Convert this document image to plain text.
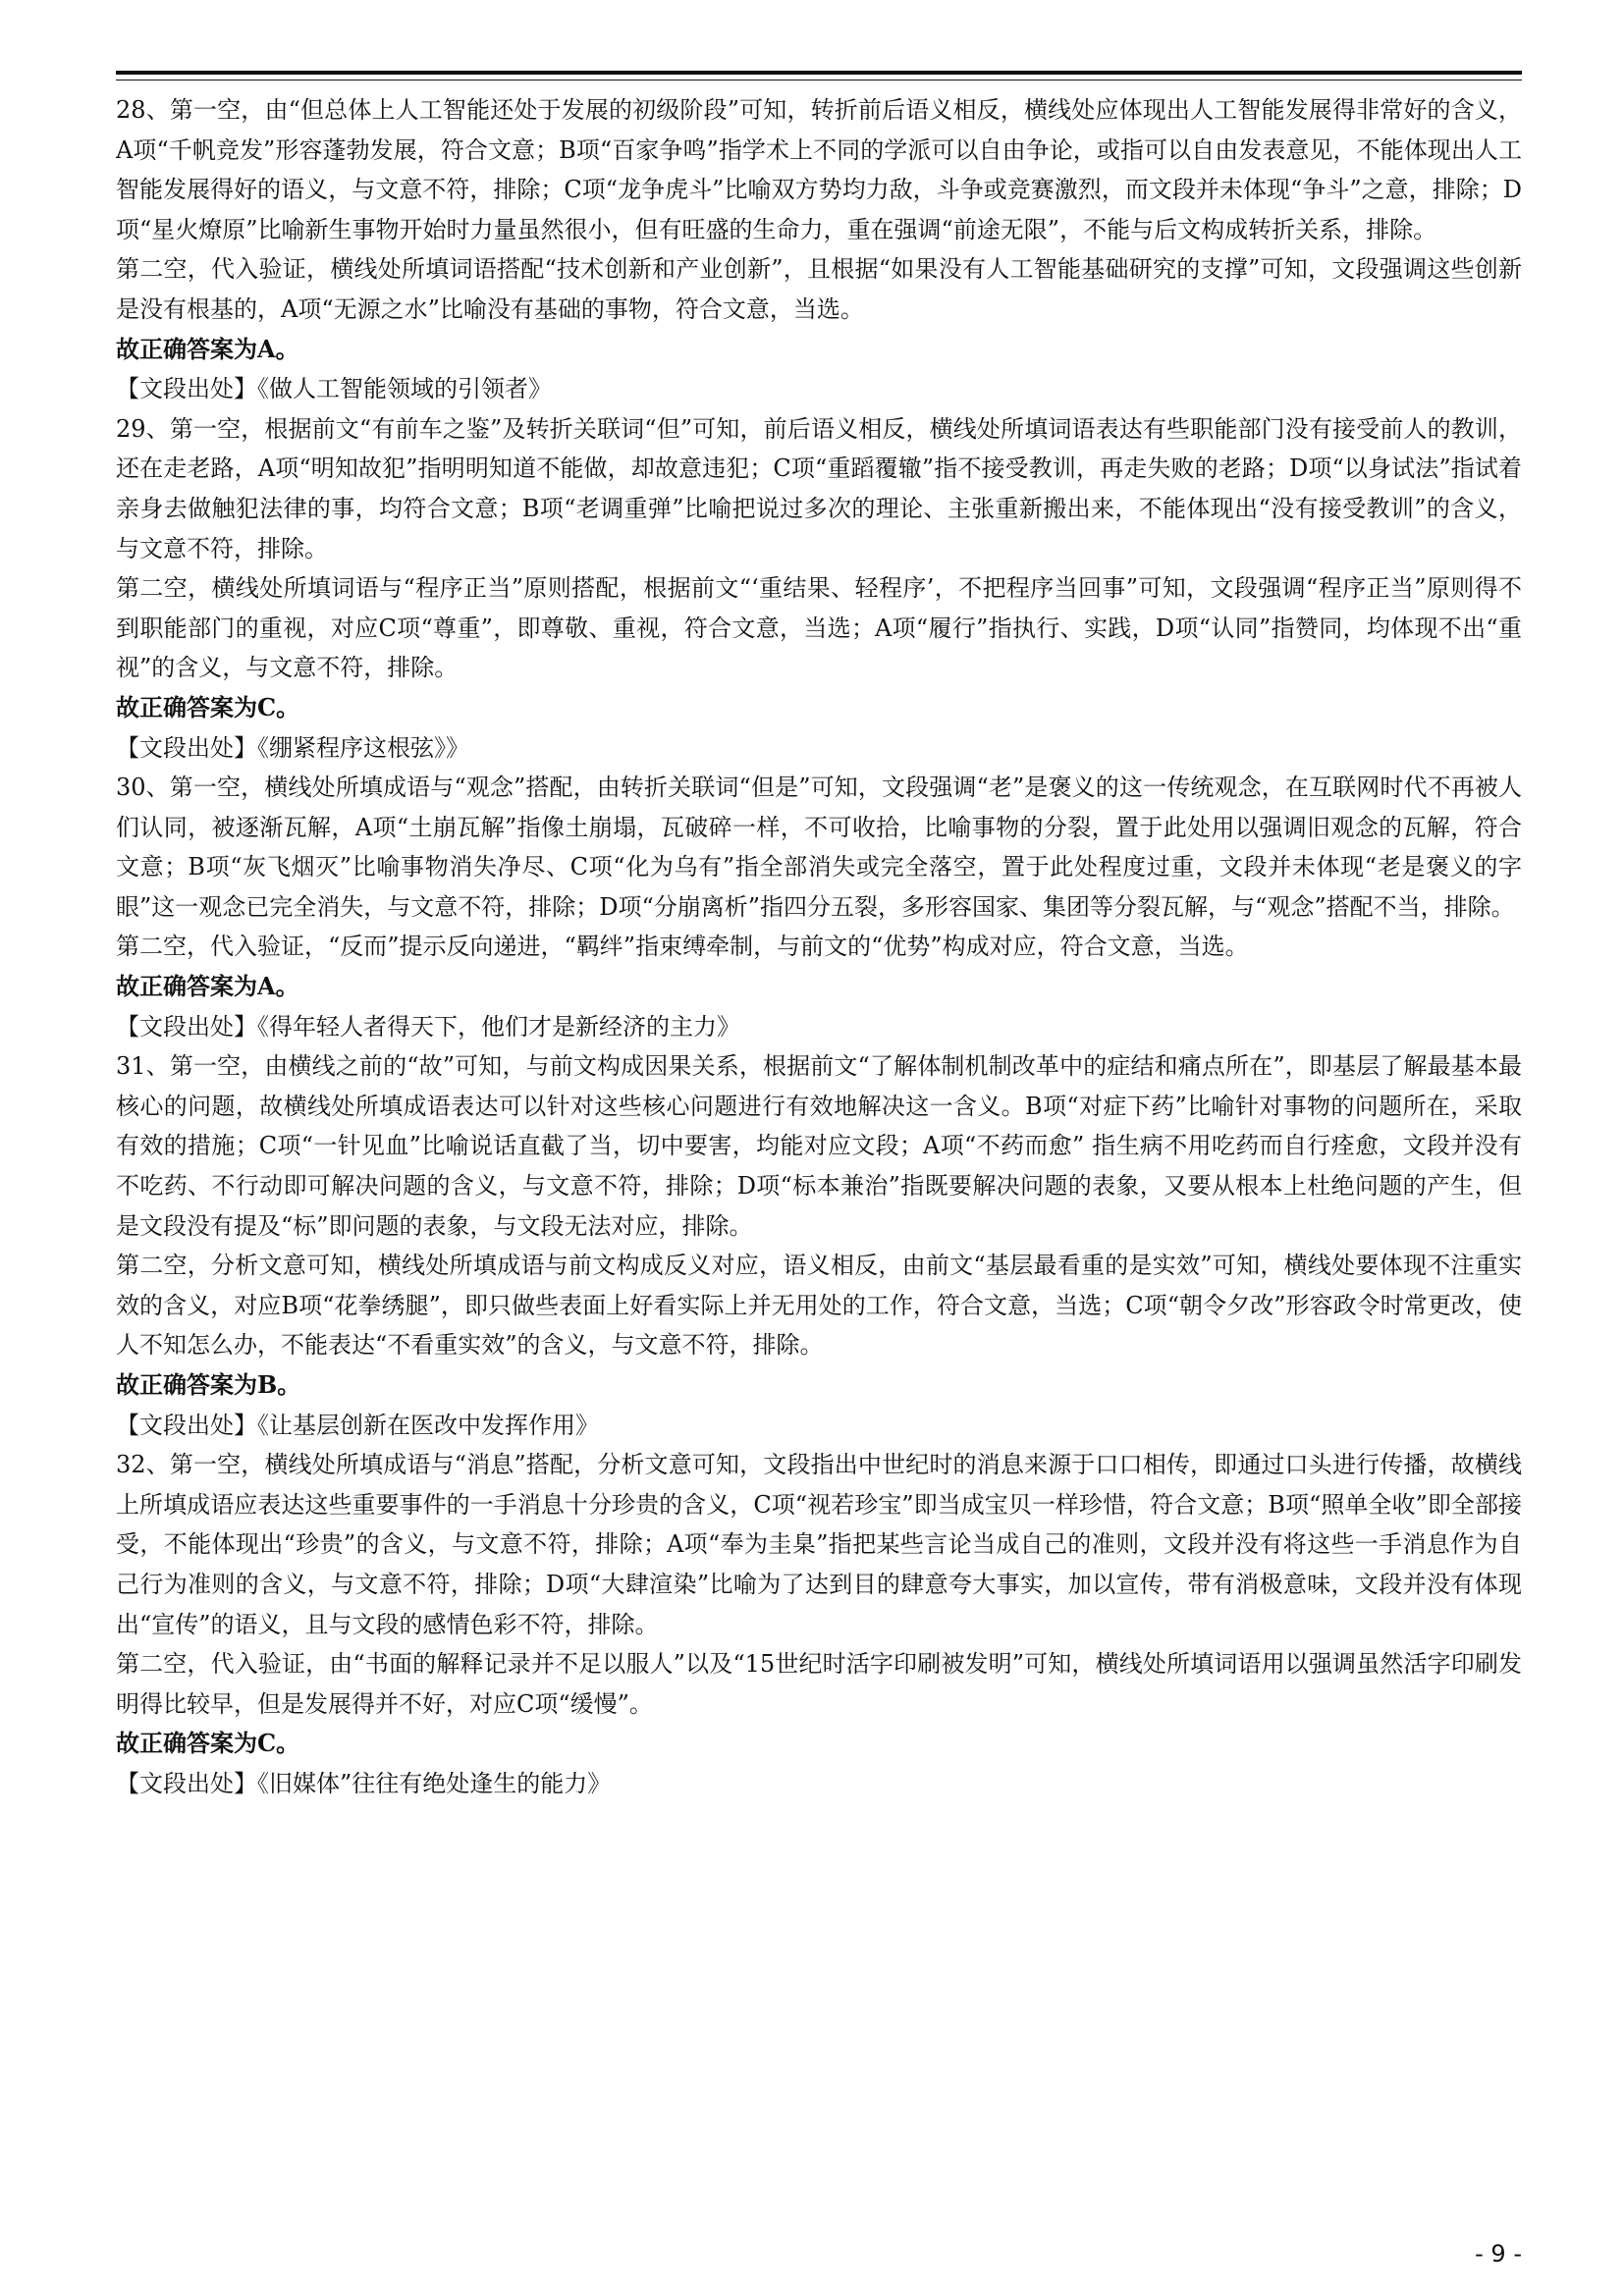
28、第一空，由“但总体上人工智能还处于发展的初级阶段”可知，转折前后语义相反，横线处应体现出人工智能发展得非常好的含义，A项“千帆竞发”形容蓬勃发展，符合文意；B项“百家争鸣”指学术上不同的学派可以自由争论，或指可以自由发表意见，不能体现出人工智能发展得好的语义，与文意不符，排除；C项“龙争虎斗”比喻双方势均力敌，斗争或竞赛激烈，而文段并未体现“争斗”之意，排除；D项“星火燎原”比喻新生事物开始时力量虽然很小，但有旺盛的生命力，重在强调“前途无限”，不能与后文构成转折关系，排除。

第二空，代入验证，横线处所填词语搭配“技术创新和产业创新”，且根据“如果没有人工智能基础研究的支撑”可知，文段强调这些创新是没有根基的，A项“无源之水”比喻没有基础的事物，符合文意，当选。

故正确答案为A。

【文段出处】《做人工智能领域的引领者》

29、第一空，根据前文“有前车之鉴”及转折关联词“但”可知，前后语义相反，横线处所填词语表达有些职能部门没有接受前人的教训，还在走老路，A项“明知故犯”指明明知道不能做，却故意违犯；C项“重蹈覆辙”指不接受教训，再走失败的老路；D项“以身试法”指试着亲身去做触犯法律的事，均符合文意；B项“老调重弹”比喻把说过多次的理论、主张重新搬出来，不能体现出“没有接受教训”的含义，与文意不符，排除。

第二空，横线处所填词语与“程序正当”原则搭配，根据前文“‘重结果、轻程序’，不把程序当回事”可知，文段强调“程序正当”原则得不到职能部门的重视，对应C项“尊重”，即尊敬、重视，符合文意，当选；A项“履行”指执行、实践，D项“认同”指赞同，均体现不出“重视”的含义，与文意不符，排除。

故正确答案为C。

【文段出处】《绷紧程序这根弦》》

30、第一空，横线处所填成语与“观念”搭配，由转折关联词“但是”可知，文段强调“老”是褒义的这一传统观念，在互联网时代不再被人们认同，被逐渐瓦解，A项“土崩瓦解”指像土崩塌，瓦破碎一样，不可收拾，比喻事物的分裂，置于此处用以强调旧观念的瓦解，符合文意；B项“灰飞烟灭”比喻事物消失净尽、C项“化为乌有”指全部消失或完全落空，置于此处程度过重，文段并未体现“老是褒义的字眼”这一观念已完全消失，与文意不符，排除；D项“分崩离析”指四分五裂，多形容国家、集团等分裂瓦解，与“观念”搭配不当，排除。

第二空，代入验证，“反而”提示反向递进，“羁绊”指束缚牵制，与前文的“优势”构成对应，符合文意，当选。

故正确答案为A。

【文段出处】《得年轻人者得天下，他们才是新经济的主力》

31、第一空，由横线之前的“故”可知，与前文构成因果关系，根据前文“了解体制机制改革中的症结和痛点所在”，即基层了解最基本最核心的问题，故横线处所填成语表达可以针对这些核心问题进行有效地解决这一含义。B项“对症下药”比喻针对事物的问题所在，采取有效的措施；C项“一针见血”比喻说话直截了当，切中要害，均能对应文段；A项“不药而愈” 指生病不用吃药而自行痊愈，文段并没有不吃药、不行动即可解决问题的含义，与文意不符，排除；D项“标本兼治”指既要解决问题的表象，又要从根本上杜绝问题的产生，但是文段没有提及“标”即问题的表象，与文段无法对应，排除。

第二空，分析文意可知，横线处所填成语与前文构成反义对应，语义相反，由前文“基层最看重的是实效”可知，横线处要体现不注重实效的含义，对应B项“花拳绣腿”，即只做些表面上好看实际上并无用处的工作，符合文意，当选；C项“朝令夕改”形容政令时常更改，使人不知怎么办，不能表达“不看重实效”的含义，与文意不符，排除。

故正确答案为B。

【文段出处】《让基层创新在医改中发挥作用》

32、第一空，横线处所填成语与“消息”搭配，分析文意可知，文段指出中世纪时的消息来源于口口相传，即通过口头进行传播，故横线上所填成语应表达这些重要事件的一手消息十分珍贵的含义，C项“视若珍宝”即当成宝贝一样珍惜，符合文意；B项“照单全收”即全部接受，不能体现出“珍贵”的含义，与文意不符，排除；A项“奉为圭臬”指把某些言论当成自己的准则，文段并没有将这些一手消息作为自己行为准则的含义，与文意不符，排除；D项“大肆渲染”比喻为了达到目的肆意夸大事实，加以宣传，带有消极意味，文段并没有体现出“宣传”的语义，且与文段的感情色彩不符，排除。

第二空，代入验证，由“书面的解释记录并不足以服人”以及“15世纪时活字印刷被发明”可知，横线处所填词语用以强调虽然活字印刷发明得比较早，但是发展得并不好，对应C项“缓慢”。

故正确答案为C。

【文段出处】《旧媒体”往往有绝处逢生的能力》

- 9 -
